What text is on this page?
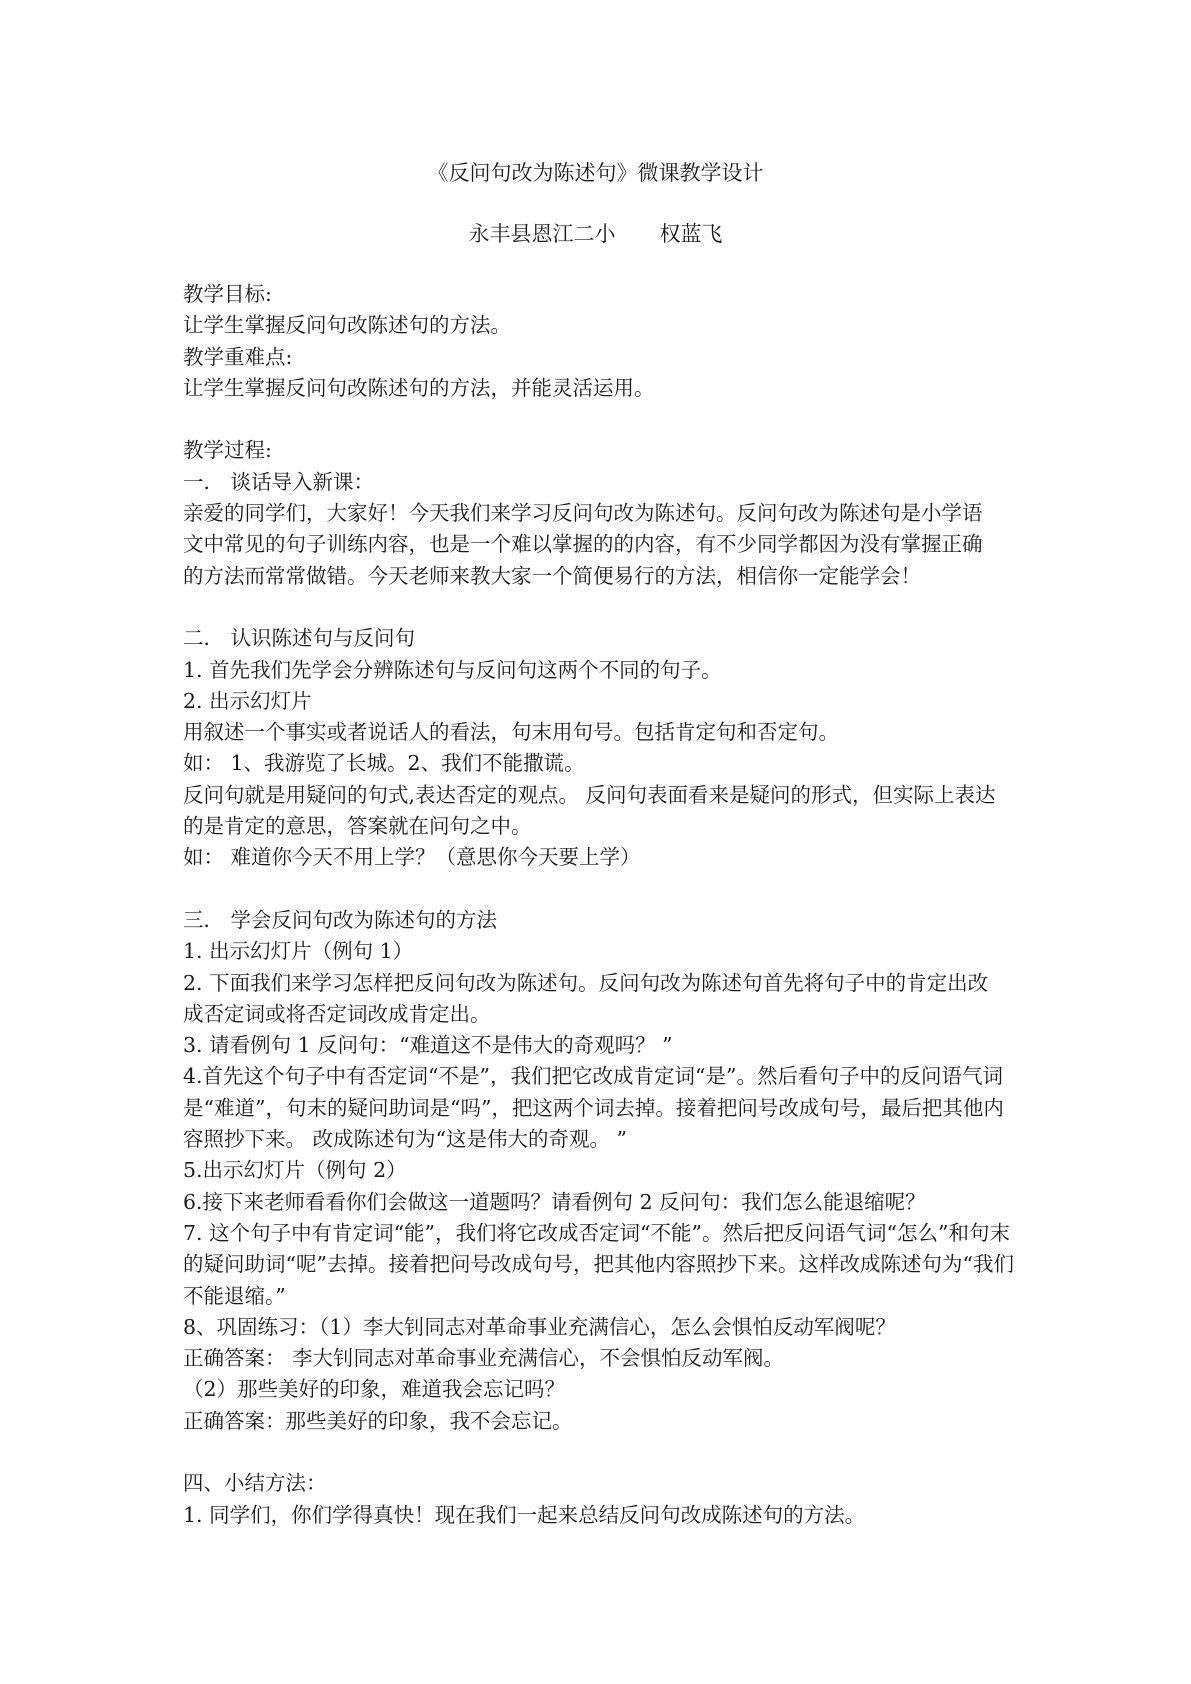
《反问句改为陈述句》微课教学设计
永丰县恩江二小 权蓝飞
教学目标:
让学生掌握反问句改陈述句的方法。
教学重难点:
让学生掌握反问句改陈述句的方法，并能灵活运用。
教学过程:
一． 谈话导入新课：
亲爱的同学们，大家好！今天我们来学习反问句改为陈述句。反问句改为陈述句是小学语
文中常见的句子训练内容，也是一个难以掌握的的内容，有不少同学都因为没有掌握正确
的方法而常常做错。今天老师来教大家一个简便易行的方法，相信你一定能学会！
二． 认识陈述句与反问句
1. 首先我们先学会分辨陈述句与反问句这两个不同的句子。
2. 出示幻灯片
用叙述一个事实或者说话人的看法，句末用句号。包括肯定句和否定句。
如： 1、我游览了长城。2、我们不能撒谎。
反问句就是用疑问的句式,表达否定的观点。 反问句表面看来是疑问的形式，但实际上表达
的是肯定的意思，答案就在问句之中。
如： 难道你今天不用上学？（意思你今天要上学）
三． 学会反问句改为陈述句的方法
1. 出示幻灯片（例句 1）
2. 下面我们来学习怎样把反问句改为陈述句。反问句改为陈述句首先将句子中的肯定出改
成否定词或将否定词改成肯定出。
3. 请看例句 1 反问句：“难道这不是伟大的奇观吗？ ”
4.首先这个句子中有否定词“不是”，我们把它改成肯定词“是”。然后看句子中的反问语气词
是“难道”，句末的疑问助词是“吗”，把这两个词去掉。接着把问号改成句号，最后把其他内
容照抄下来。 改成陈述句为“这是伟大的奇观。 ”
5.出示幻灯片（例句 2）
6.接下来老师看看你们会做这一道题吗？请看例句 2 反问句：我们怎么能退缩呢？
7. 这个句子中有肯定词“能”，我们将它改成否定词“不能”。然后把反问语气词“怎么”和句末
的疑问助词“呢”去掉。接着把问号改成句号，把其他内容照抄下来。这样改成陈述句为“我们
不能退缩。”
8、巩固练习：（1）李大钊同志对革命事业充满信心，怎么会惧怕反动军阀呢？
正确答案： 李大钊同志对革命事业充满信心，不会惧怕反动军阀。
（2）那些美好的印象，难道我会忘记吗？
正确答案：那些美好的印象，我不会忘记。
四、小结方法：
1. 同学们，你们学得真快！现在我们一起来总结反问句改成陈述句的方法。
